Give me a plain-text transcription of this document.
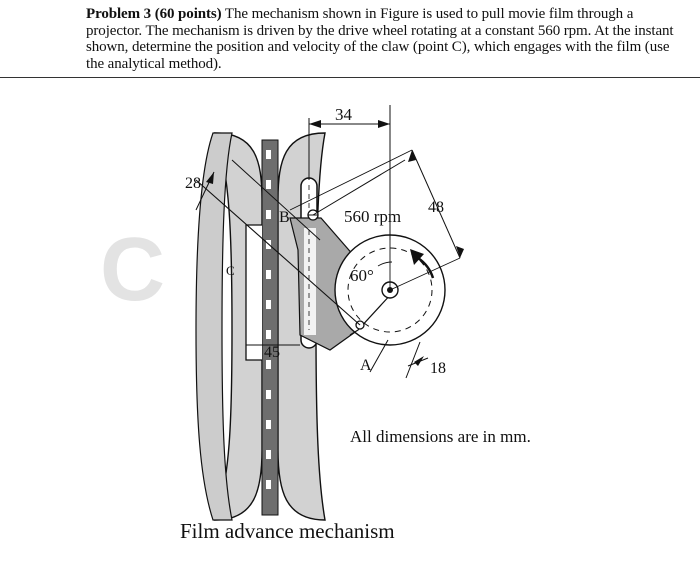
Problem 3 (60 points) The mechanism shown in Figure is used to pull movie film through a projector. The mechanism is driven by the drive wheel rotating at a constant 560 rpm. At the instant shown, determine the position and velocity of the claw (point C), which engages with the film (use the analytical method).

C
34
28
B
C
560 rpm 48
60°
45
A	18
All dimensions are in mm.
Film advance mechanism
